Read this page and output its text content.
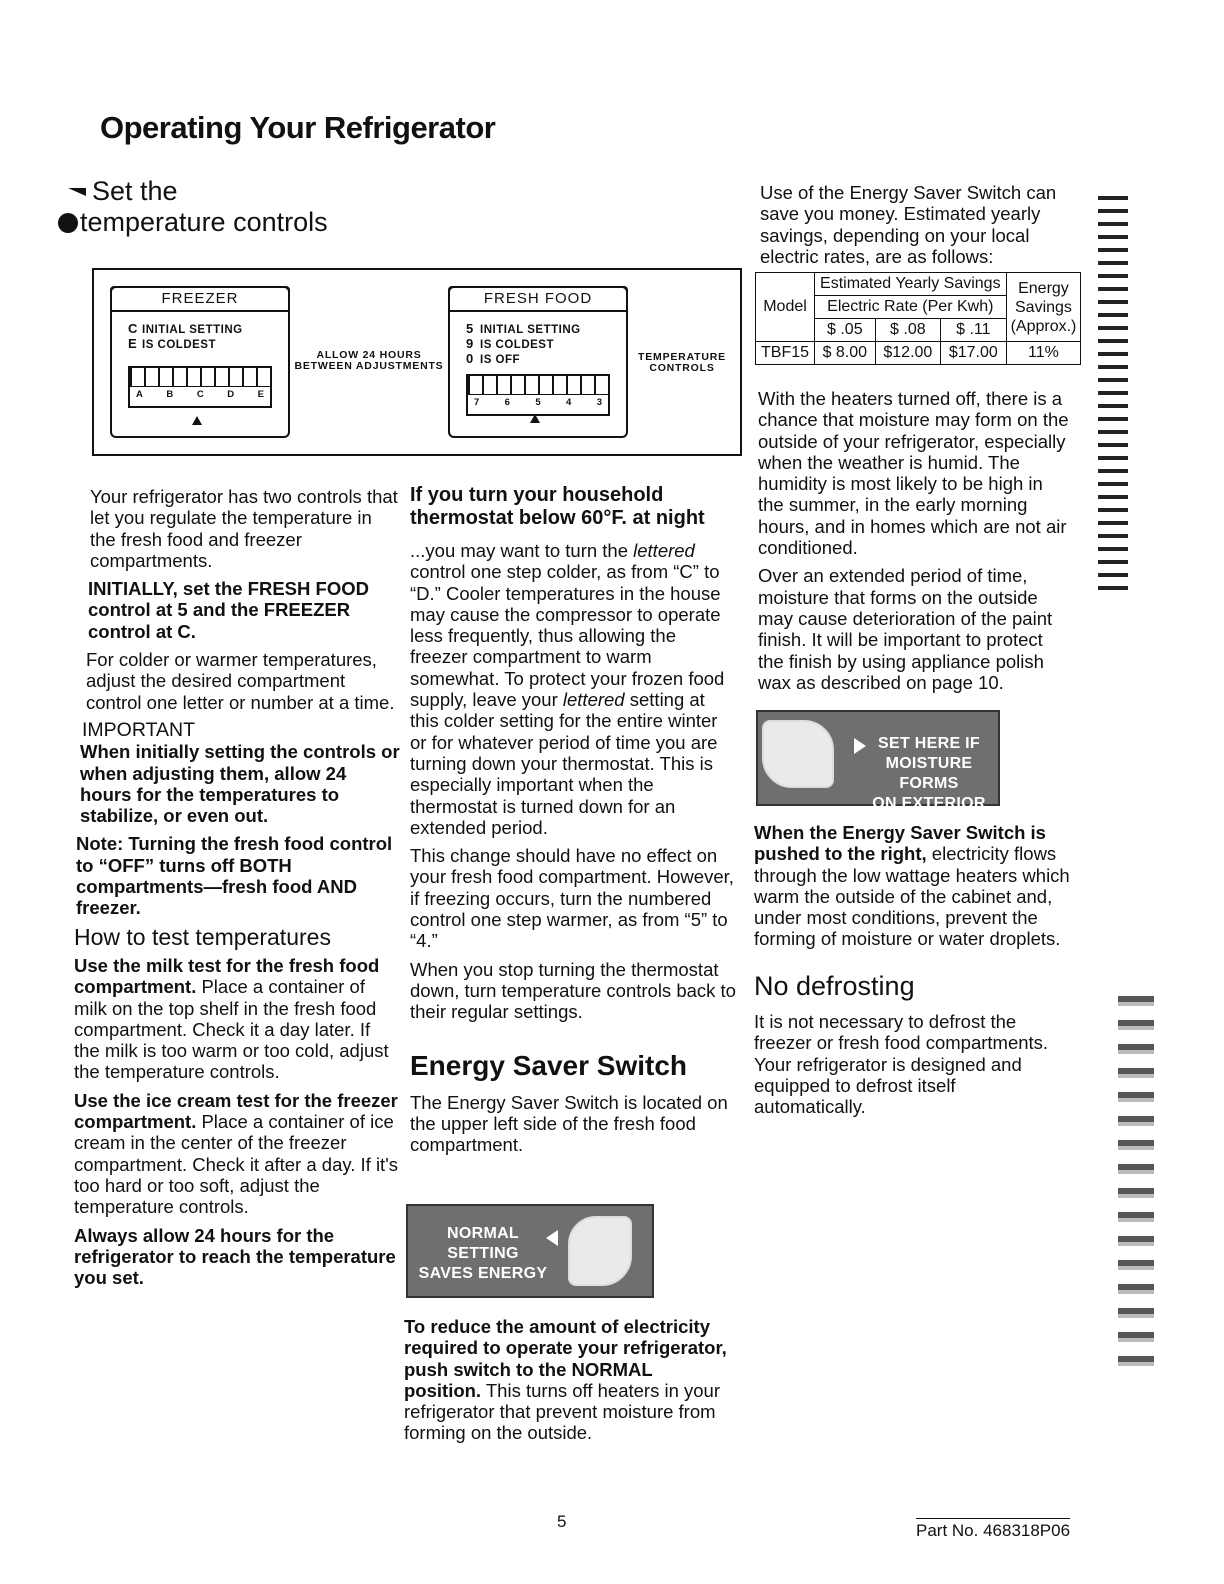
Operating Your Refrigerator
Set the
temperature controls
FREEZER
C INITIAL SETTING
E IS COLDEST
A B C D E
ALLOW 24 HOURS BETWEEN ADJUSTMENTS
FRESH FOOD
5 INITIAL SETTING
9 IS COLDEST
0 IS OFF
7	6	5	4	3
TEMPERATURE CONTROLS

Your refrigerator has two controls that let you regulate the temperature in the fresh food and freezer compartments.

INITIALLY, set the FRESH FOOD control at 5 and the FREEZER control at C.

For colder or warmer temperatures, adjust the desired compartment control one letter or number at a time.

IMPORTANT

When initially setting the controls or when adjusting them, allow 24 hours for the temperatures to stabilize, or even out.

Note: Turning the fresh food control to “OFF” turns off BOTH compartments—fresh food AND freezer.

How to test temperatures

Use the milk test for the fresh food compartment. Place a container of milk on the top shelf in the fresh food compartment. Check it a day later. If the milk is too warm or too cold, adjust the temperature controls.

Use the ice cream test for the freezer compartment. Place a container of ice cream in the center of the freezer compartment. Check it after a day. If it's too hard or too soft, adjust the temperature controls.

Always allow 24 hours for the refrigerator to reach the temperature you set.

If you turn your household thermostat below 60°F. at night

...you may want to turn the lettered control one step colder, as from “C” to “D.” Cooler temperatures in the house may cause the compressor to operate less frequently, thus allowing the freezer compartment to warm somewhat. To protect your frozen food supply, leave your lettered setting at this colder setting for the entire winter or for whatever period of time you are turning down your thermostat. This is especially important when the thermostat is turned down for an extended period.

This change should have no effect on your fresh food compartment. However, if freezing occurs, turn the numbered control one step warmer, as from “5” to “4.”

When you stop turning the thermostat down, turn temperature controls back to their regular settings.

Energy Saver Switch

The Energy Saver Switch is located on the upper left side of the fresh food compartment.

NORMAL
SETTING
SAVES ENERGY

To reduce the amount of electricity required to operate your refrigerator, push switch to the NORMAL position. This turns off heaters in your refrigerator that prevent moisture from forming on the outside.

Use of the Energy Saver Switch can save you money. Estimated yearly savings, depending on your local electric rates, are as follows:

Model	Estimated Yearly Savings			Energy Savings (Approx.)
	Electric Rate (Per Kwh)			
	$ .05	$ .08	$ .11	
TBF15	$ 8.00	$12.00	$17.00	11%

With the heaters turned off, there is a chance that moisture may form on the outside of your refrigerator, especially when the weather is humid. The humidity is most likely to be high in the summer, in the early morning hours, and in homes which are not air conditioned.

Over an extended period of time, moisture that forms on the outside may cause deterioration of the paint finish. It will be important to protect the finish by using appliance polish wax as described on page 10.

SET HERE IF
MOISTURE FORMS
ON EXTERIOR

When the Energy Saver Switch is pushed to the right, electricity flows through the low wattage heaters which warm the outside of the cabinet and, under most conditions, prevent the forming of moisture or water droplets.

No defrosting

It is not necessary to defrost the freezer or fresh food compartments. Your refrigerator is designed and equipped to defrost itself automatically.

5	Part No. 468318P06
